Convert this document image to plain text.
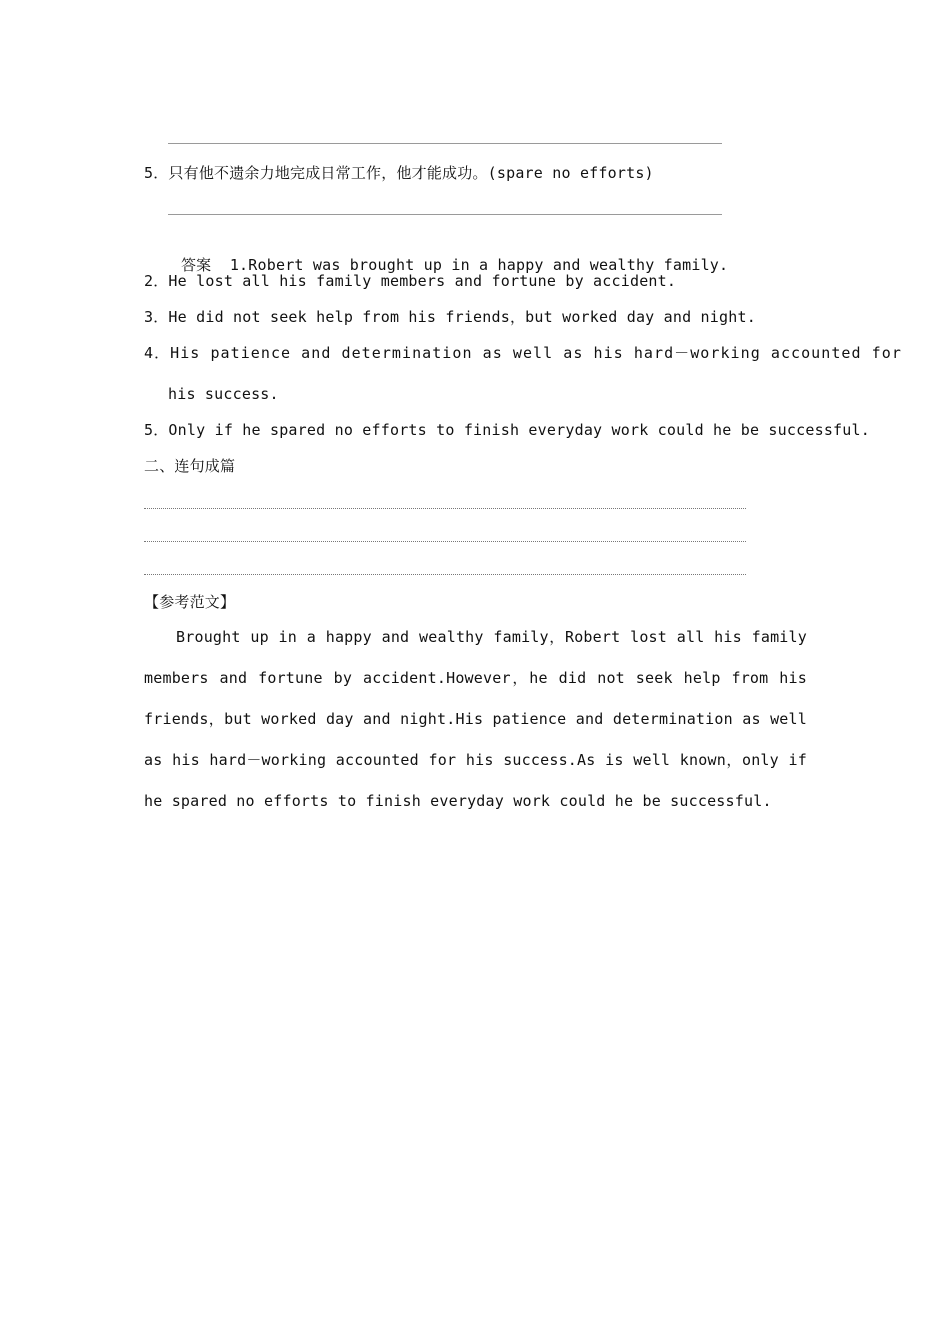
5．只有他不遗余力地完成日常工作，他才能成功。(spare no efforts)

答案 1.Robert was brought up in a happy and wealthy family.

2．He lost all his family members and fortune by accident.
3．He did not seek help from his friends，but worked day and night.
4．His patience and determination as well as his hard－working accounted for
his success.
5．Only if he spared no efforts to finish everyday work could he be successful.
二、连句成篇
【参考范文】
Brought up in a happy and wealthy family，Robert lost all his family members and fortune by accident.However，he did not seek help from his friends，but worked day and night.His patience and determination as well as his hard－working accounted for his success.As is well known，only if he spared no efforts to finish everyday work could he be successful.
